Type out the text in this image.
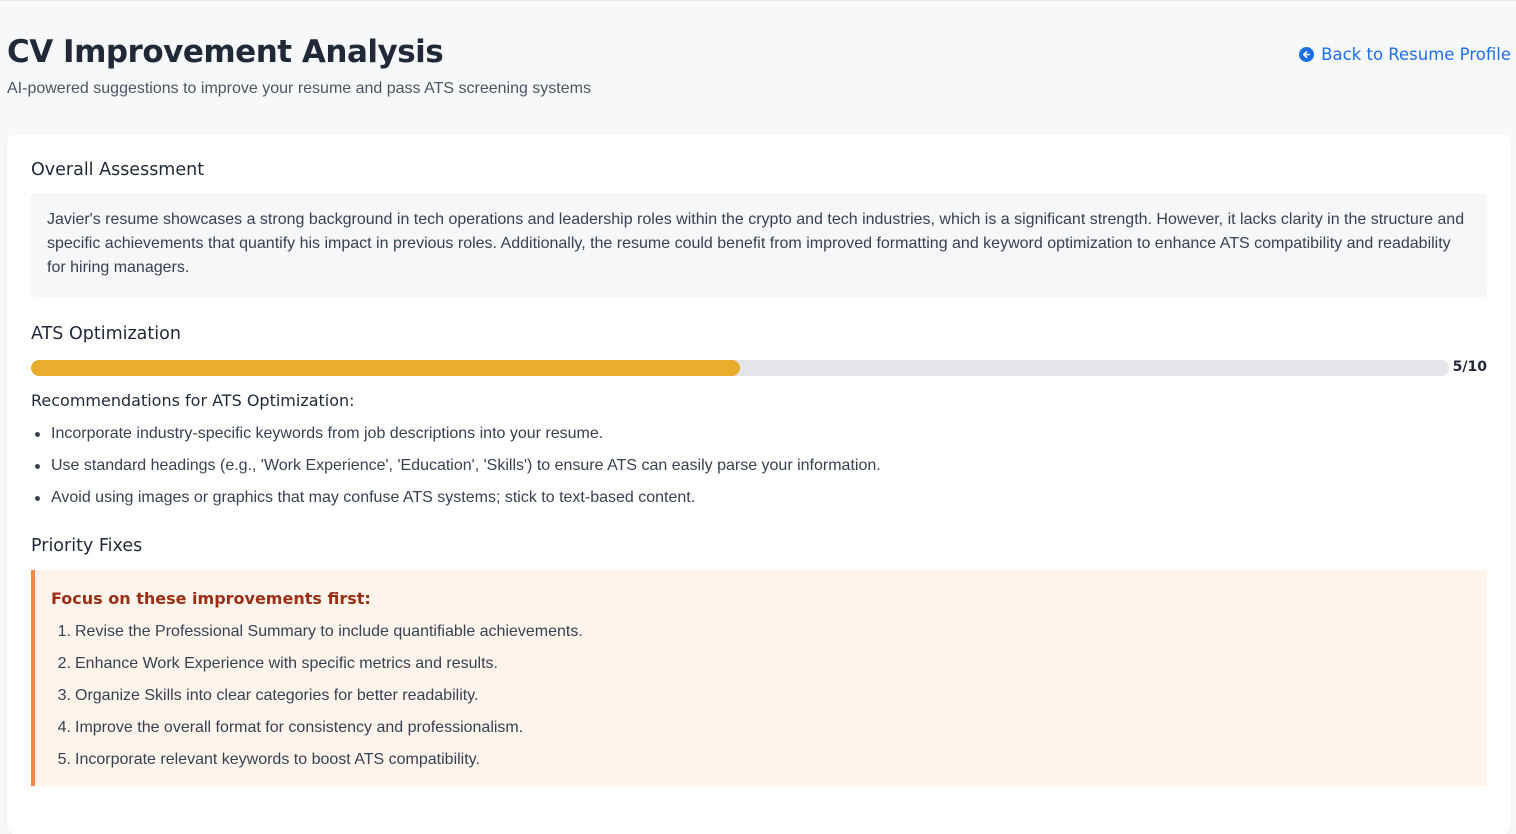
CV Improvement Analysis
AI-powered suggestions to improve your resume and pass ATS screening systems
Back to Resume Profile
Overall Assessment
Javier's resume showcases a strong background in tech operations and leadership roles within the crypto and tech industries, which is a significant strength. However, it lacks clarity in the structure and specific achievements that quantify his impact in previous roles. Additionally, the resume could benefit from improved formatting and keyword optimization to enhance ATS compatibility and readability for hiring managers.
ATS Optimization
5/10
Recommendations for ATS Optimization:
Incorporate industry-specific keywords from job descriptions into your resume.
Use standard headings (e.g., 'Work Experience', 'Education', 'Skills') to ensure ATS can easily parse your information.
Avoid using images or graphics that may confuse ATS systems; stick to text-based content.
Priority Fixes
Focus on these improvements first:
1. Revise the Professional Summary to include quantifiable achievements.
2. Enhance Work Experience with specific metrics and results.
3. Organize Skills into clear categories for better readability.
4. Improve the overall format for consistency and professionalism.
5. Incorporate relevant keywords to boost ATS compatibility.
